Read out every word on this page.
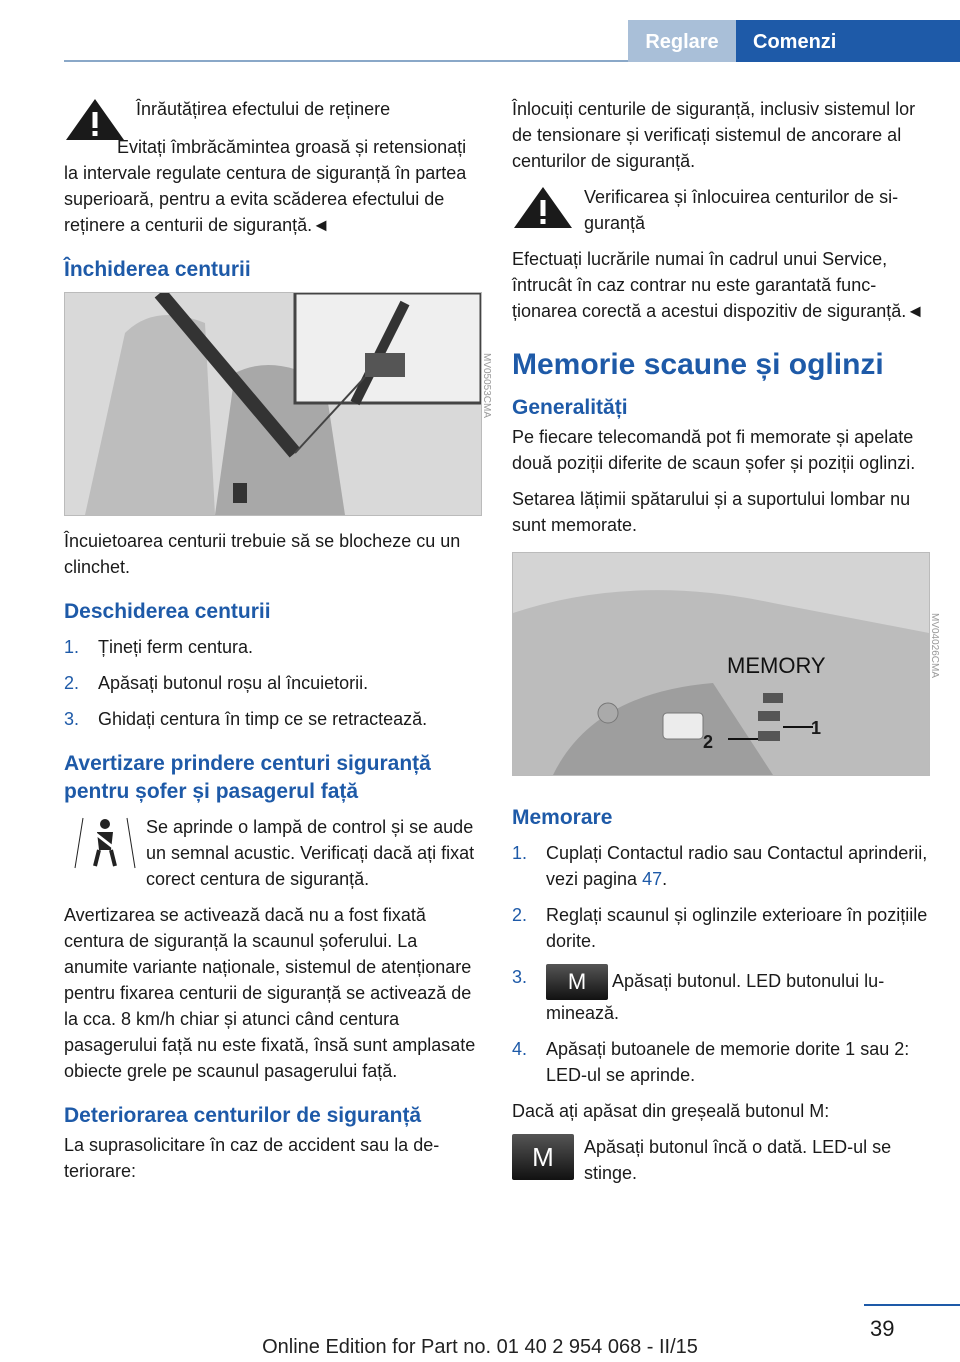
Reglare	Comenzi

Înrăutățirea efectului de reținere

Evitați îmbrăcămintea groasă și retensionați la intervale regulate centura de siguranță în partea superioară, pentru a evita scăderea efectului de reținere a centurii de siguranță.◄

Închiderea centurii
MV05053CMA

Încuietoarea centurii trebuie să se blocheze cu un clinchet.

Deschiderea centurii
1.	Țineți ferm centura.
2.	Apăsați butonul roșu al încuietorii.
3.	Ghidați centura în timp ce se retractează.
Avertizare prindere centuri siguranță pentru șofer și pasagerul față

Se aprinde o lampă de control și se aude un semnal acustic. Verificați dacă ați fixat corect centura de siguranță.

Avertizarea se activează dacă nu a fost fixată centura de siguranță la scaunul șoferului. La anumite variante naționale, sistemul de atenționare pentru fixarea centurii de siguranță se activează de la cca. 8 km/h chiar și atunci când centura pasagerului față nu este fixată, însă sunt amplasate obiecte grele pe scaunul pasagerului față.

Deteriorarea centurilor de siguranță

La suprasolicitare în caz de accident sau la deteriorare:

Înlocuiți centurile de siguranță, inclusiv sistemul lor de tensionare și verificați sistemul de ancorare al centurilor de siguranță.

Verificarea și înlocuirea centurilor de siguranță

Efectuați lucrările numai în cadrul unui Service, întrucât în caz contrar nu este garantată funcționarea corectă a acestui dispozitiv de siguranță.◄

Memorie scaune și oglinzi
Generalități

Pe fiecare telecomandă pot fi memorate și apelate două poziții diferite de scaun șofer și poziții oglinzi.

Setarea lățimii spătarului și a suportului lombar nu sunt memorate.

MEMORY
1
2
MV04026CMA
Memorare
1.	Cuplați Contactul radio sau Contactul aprinderii, vezi pagina 47.
2.	Reglați scaunul și oglinzile exterioare în pozițiile dorite.
3.	M Apăsați butonul. LED butonului luminează.
4.	Apăsați butoanele de memorie dorite 1 sau 2: LED-ul se aprinde.

Dacă ați apăsat din greșeală butonul M:

M	Apăsați butonul încă o dată. LED-ul se stinge.

39
Online Edition for Part no. 01 40 2 954 068 - II/15
